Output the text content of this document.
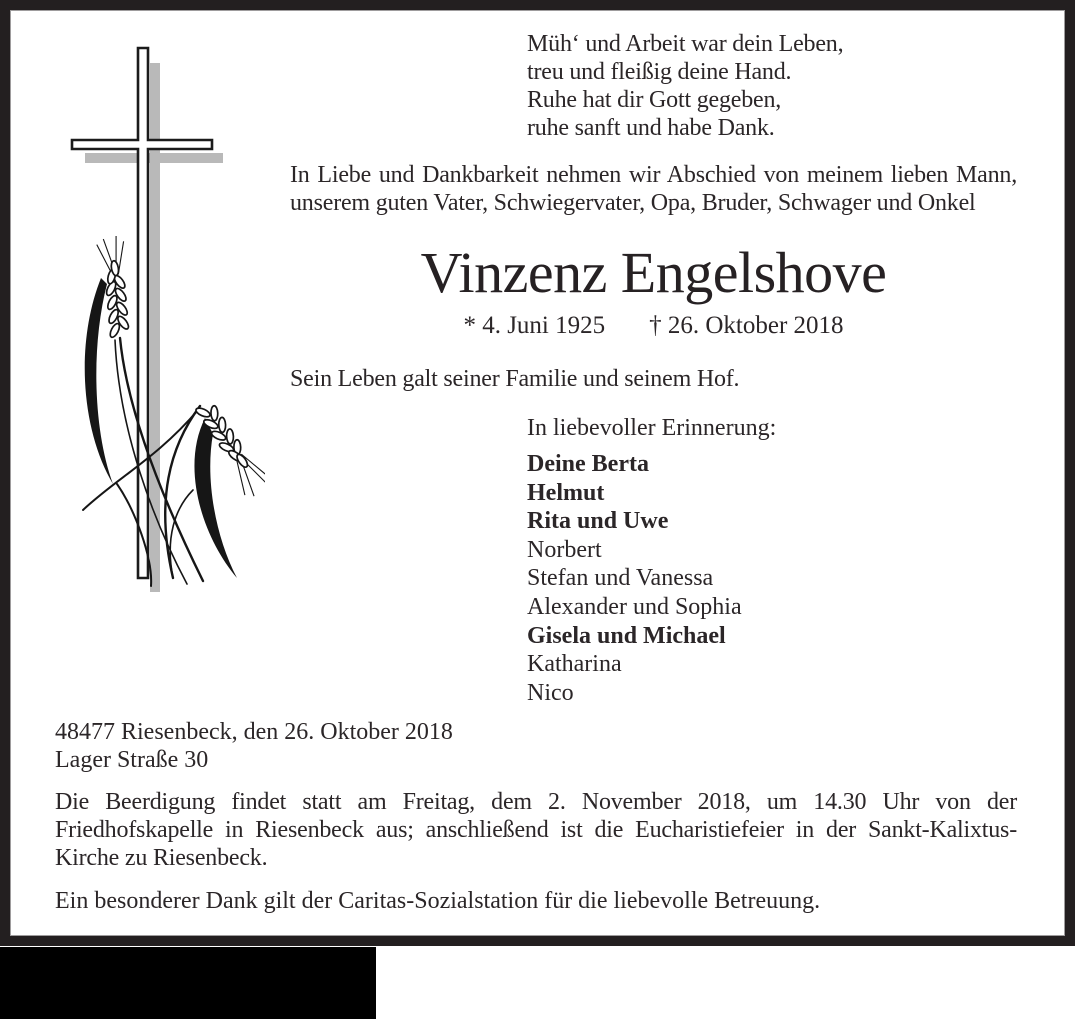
Müh‘ und Arbeit war dein Leben,
treu und fleißig deine Hand.
Ruhe hat dir Gott gegeben,
ruhe sanft und habe Dank.
In Liebe und Dankbarkeit nehmen wir Abschied von meinem lieben Mann, unserem guten Vater, Schwiegervater, Opa, Bruder, Schwager und Onkel
Vinzenz Engelshove
* 4. Juni 1925 † 26. Oktober 2018
Sein Leben galt seiner Familie und seinem Hof.
In liebevoller Erinnerung:
Deine Berta
Helmut
Rita und Uwe
Norbert
Stefan und Vanessa
Alexander und Sophia
Gisela und Michael
Katharina
Nico
48477 Riesenbeck, den 26. Oktober 2018
Lager Straße 30
Die Beerdigung findet statt am Freitag, dem 2. November 2018, um 14.30 Uhr von der Friedhofskapelle in Riesenbeck aus; anschließend ist die Eucharistiefeier in der Sankt-Kalixtus-Kirche zu Riesenbeck.
Ein besonderer Dank gilt der Caritas-Sozialstation für die liebevolle Betreuung.
